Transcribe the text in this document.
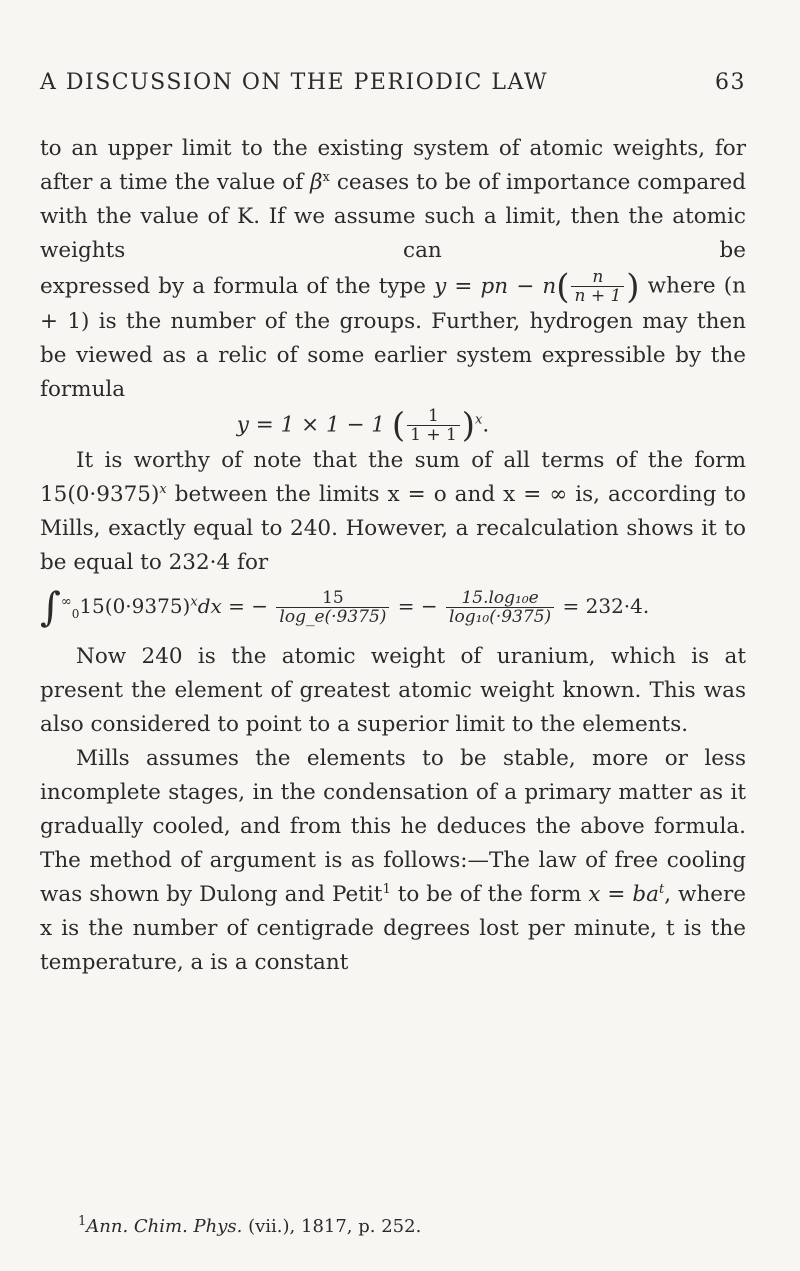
A DISCUSSION ON THE PERIODIC LAW	63

to an upper limit to the existing system of atomic weights, for after a time the value of $\beta^x$ ceases to be of importance compared with the value of K. If we assume such a limit, then the atomic weights can be expressed by a formula of the type y = pn − $n( \frac{n}{n + 1}$ ) where (n + 1) is the number of the groups. Further, hydrogen may then be viewed as a relic of some earlier system expressible by the formula

y = 1 × 1 − 1 ( $\frac{1}{1 + 1} )^x$.

It is worthy of note that the sum of all terms of the form $15(0\cdot 9375)^x$ between the limits x = o and x = ∞ is, according to Mills, exactly equal to 240. However, a recalculation shows it to be equal to 232·4 for

$\int^\infty_015(0\cdot 9375)^xdx$ = − $\frac{15}{\log\_e(\cdot 9375)}$ = − $\frac{\text{15.log₁₀e}}{\text{log₁₀(·9375)}} = 232\cdot 4$.

Now 240 is the atomic weight of uranium, which is at present the element of greatest atomic weight known. This was also considered to point to a superior limit to the elements.

Mills assumes the elements to be stable, more or less incomplete stages, in the condensation of a primary matter as it gradually cooled, and from this he deduces the above formula. The method of argument is as follows:—The law of free cooling was shown by Dulong and Petit$^1$ to be of the form $x = ba^t$, where x is the number of centigrade degrees lost per minute, t is the temperature, a is a constant

$^1$Ann. Chim. Phys. (vii.), 1817, p. 252.
